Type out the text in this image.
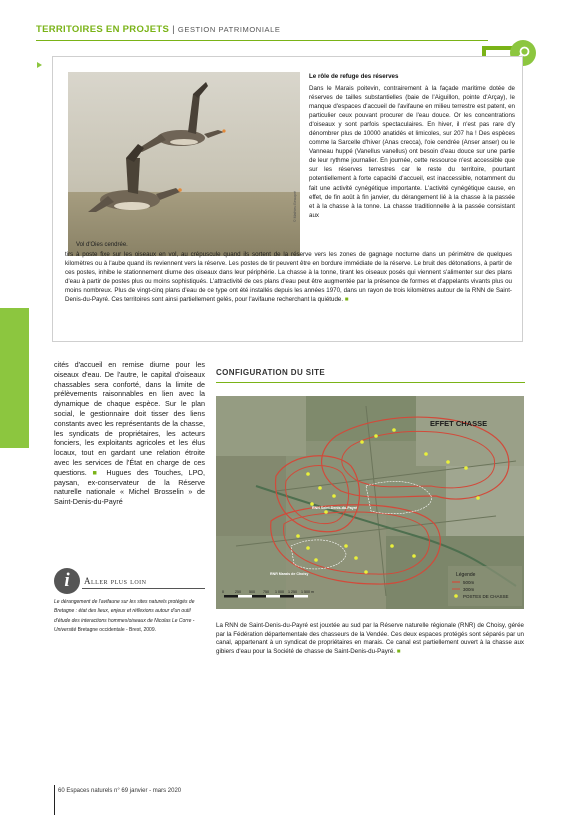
TERRITOIRES EN PROJETS | GESTION PATRIMONIALE
Vol d'Oies cendrée.
© Mathieu Beaupré
Le rôle de refuge des réserves
Dans le Marais poitevin, contrairement à la façade maritime dotée de réserves de tailles substantielles (baie de l'Aiguillon, pointe d'Arçay), le manque d'espaces d'accueil de l'avifaune en milieu terrestre est patent, en particulier ceux pouvant procurer de l'eau douce. Or les concentrations d'oiseaux y sont parfois spectaculaires. En hiver, il n'est pas rare d'y dénombrer plus de 10000 anatidés et limicoles, sur 207 ha ! Des espèces comme la Sarcelle d'hiver (Anas crecca), l'oie cendrée (Anser anser) ou le Vanneau huppé (Vanellus vanellus) ont besoin d'eau douce sur une partie de leur rythme journalier. En journée, cette ressource n'est accessible que sur les réserves terrestres car le reste du territoire, pourtant potentiellement à forte capacité d'accueil, est inaccessible, notamment du fait une activité cynégétique importante. L'activité cynégétique cause, en effet, de fin août à fin janvier, du dérangement lié à la chasse à la passée et à la chasse à la tonne. La chasse traditionnelle à la passée consistant aux
tirs à poste fixe sur les oiseaux en vol, au crépuscule quand ils sortent de la réserve vers les zones de gagnage nocturne dans un périmètre de quelques kilomètres ou à l'aube quand ils reviennent vers la réserve. Les postes de tir peuvent être en bordure immédiate de la réserve. Le bruit des détonations, à partir de ces postes, inhibe le stationnement diurne des oiseaux dans leur périphérie. La chasse à la tonne, tirant les oiseaux posés qui viennent s'alimenter sur des plans d'eau à partir de postes plus ou moins sophistiqués. L'attractivité de ces plans d'eau peut être augmentée par la présence de formes et d'appelants vivants plus ou moins nombreux. Plus de vingt-cinq plans d'eau de ce type ont été installés depuis les années 1970, dans un rayon de trois kilomètres autour de la RNN de Saint-Denis-du-Payré. Ces territoires sont ainsi partiellement gelés, pour l'avifaune recherchant la quiétude. ■
cités d'accueil en remise diurne pour les oiseaux d'eau. De l'autre, le capital d'oiseaux chassables sera conforté, dans la limite de prélèvements raisonnables en lien avec la dynamique de chaque espèce. Sur le plan social, le gestionnaire doit tisser des liens constants avec les représentants de la chasse, les syndicats de propriétaires, les acteurs fonciers, les exploitants agricoles et les élus locaux, tout en gardant une relation étroite avec les services de l'État en charge de ces questions. ■ Hugues des Touches, LPO, paysan, ex-conservateur de la Réserve naturelle nationale « Michel Brosselin » de Saint-Denis-du-Payré
i	Aller plus loin
Le dérangement de l'avifaune sur les sites naturels protégés de Bretagne : état des lieux, enjeux et réflexions autour d'un outil d'étude des interactions hommes/oiseaux de Nicolas Le Corre - Université Bretagne occidentale - Brest, 2009.
CONFIGURATION DU SITE
EFFET CHASSE
RNN Saint-Denis-du-Payré
RNR Marais de Choisy	Légende
500m
300m
POSTES DE CHASSE
0	250 500 750 1 000 1 250 1 500 m
La RNN de Saint-Denis-du-Payré est jouxtée au sud par la Réserve naturelle régionale (RNR) de Choisy, gérée par la Fédération départementale des chasseurs de la Vendée. Ces deux espaces protégés sont séparés par un canal, appartenant à un syndicat de propriétaires en marais. Ce canal est partiellement ouvert à la chasse aux gibiers d'eau pour la Société de chasse de Saint-Denis-du-Payré. ■
60 Espaces naturels n° 69 janvier - mars 2020
